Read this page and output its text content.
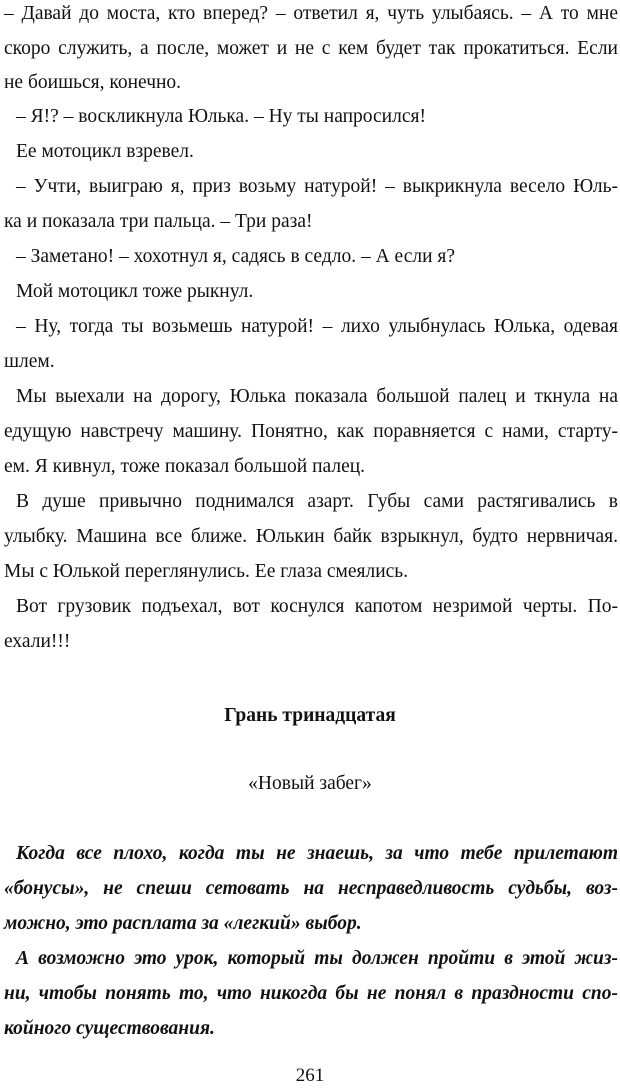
– Давай до моста, кто вперед? – ответил я, чуть улыбаясь. – А то мне
скоро служить, а после, может и не с кем будет так прокатиться. Если
не боишься, конечно.
– Я!? – воскликнула Юлька. – Ну ты напросился!
Ее мотоцикл взревел.
– Учти, выиграю я, приз возьму натурой! – выкрикнула весело Юль-
ка и показала три пальца. – Три раза!
– Заметано! – хохотнул я, садясь в седло. – А если я?
Мой мотоцикл тоже рыкнул.
– Ну, тогда ты возьмешь натурой! – лихо улыбнулась Юлька, одевая
шлем.
Мы выехали на дорогу, Юлька показала большой палец и ткнула на
едущую навстречу машину. Понятно, как поравняется с нами, старту-
ем. Я кивнул, тоже показал большой палец.
В душе привычно поднимался азарт. Губы сами растягивались в
улыбку. Машина все ближе. Юлькин байк взрыкнул, будто нервничая.
Мы с Юлькой переглянулись. Ее глаза смеялись.
Вот грузовик подъехал, вот коснулся капотом незримой черты. По-
ехали!!!
Грань тринадцатая
«Новый забег»
Когда все плохо, когда ты не знаешь, за что тебе прилетают
«бонусы», не спеши сетовать на несправедливость судьбы, воз-
можно, это расплата за «легкий» выбор.
А возможно это урок, который ты должен пройти в этой жиз-
ни, чтобы понять то, что никогда бы не понял в праздности спо-
койного существования.
261
